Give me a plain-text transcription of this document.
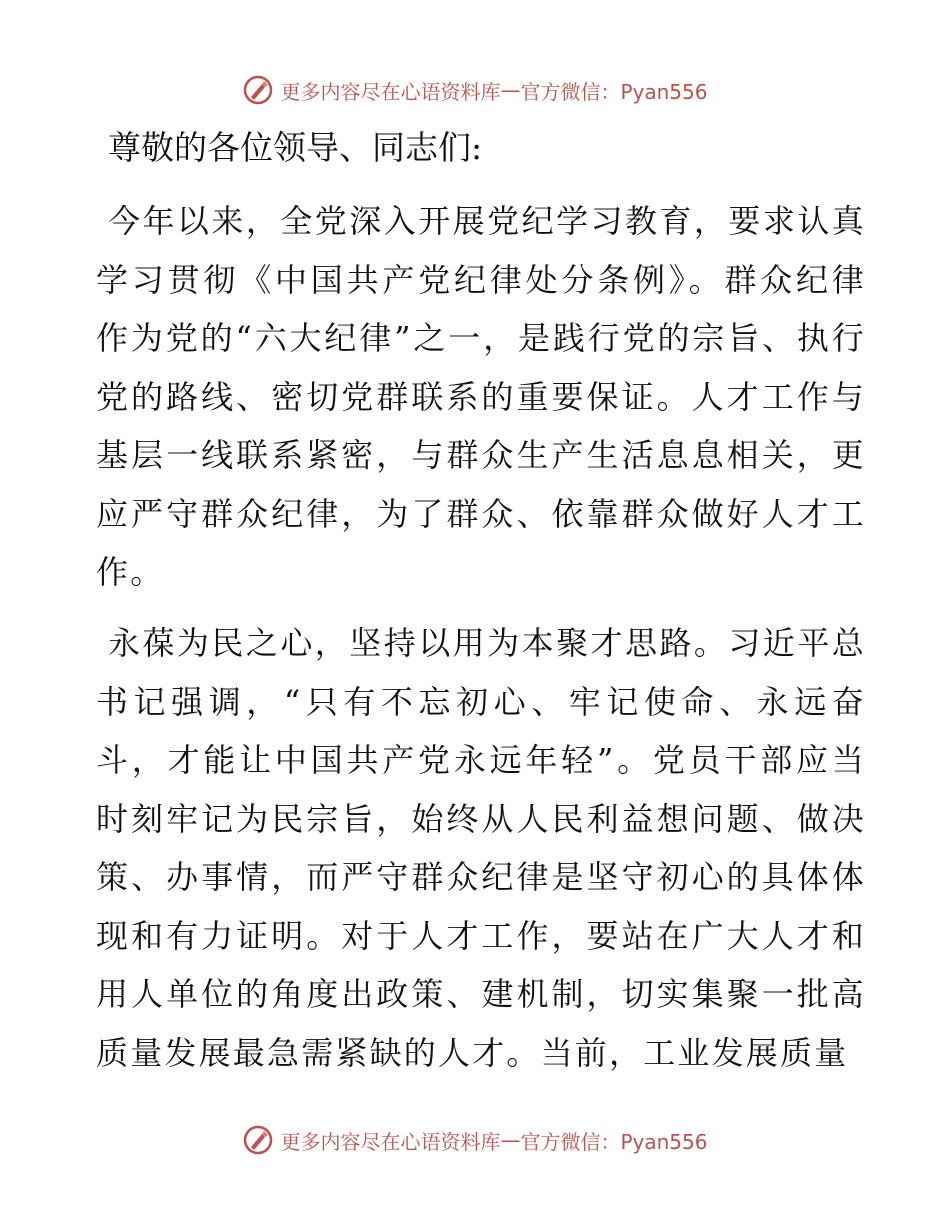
更多内容尽在心语资料库 — 官方微信：Pyan556
尊敬的各位领导、同志们:

今年以来，全党深入开展党纪学习教育，要求认真学习贯彻《中国共产党纪律处分条例》。群众纪律作为党的“六大纪律”之一，是践行党的宗旨、执行党的路线、密切党群联系的重要保证。人才工作与基层一线联系紧密，与群众生产生活息息相关，更应严守群众纪律，为了群众、依靠群众做好人才工作。

永葆为民之心，坚持以用为本聚才思路。习近平总书记强调，“只有不忘初心、牢记使命、永远奋斗，才能让中国共产党永远年轻”。党员干部应当时刻牢记为民宗旨，始终从人民利益想问题、做决策、办事情，而严守群众纪律是坚守初心的具体体现和有力证明。对于人才工作，要站在广大人才和用人单位的角度出政策、建机制，切实集聚一批高质量发展最急需紧缺的人才。当前，工业发展质量

更多内容尽在心语资料库 — 官方微信：Pyan556
